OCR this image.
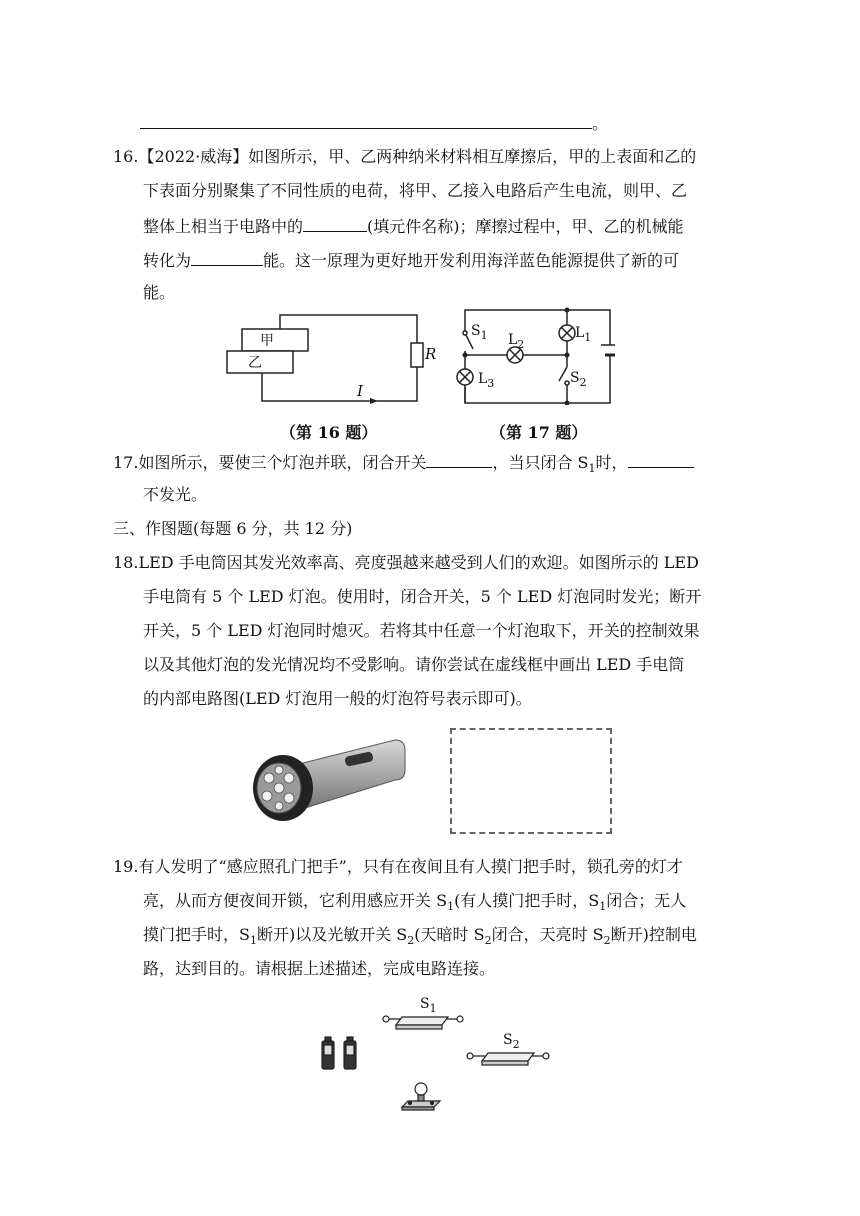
。
16.【2022·威海】如图所示，甲、乙两种纳米材料相互摩擦后，甲的上表面和乙的
下表面分别聚集了不同性质的电荷，将甲、乙接入电路后产生电流，则甲、乙
整体上相当于电路中的	(填元件名称)；摩擦过程中，甲、乙的机械能
转化为	能。这一原理为更好地开发利用海洋蓝色能源提供了新的可
能。
甲
乙	R
I
（第 16 题）
$S_1$ $L_2$
$L_1$
$L_3$	$S_2$
（第 17 题）
17.如图所示，要使三个灯泡并联，闭合开关	，当只闭合 $S_1$时，
不发光。
三、作图题(每题 6 分，共 12 分)
18.LED 手电筒因其发光效率高、亮度强越来越受到人们的欢迎。如图所示的 LED
手电筒有 5 个 LED 灯泡。使用时，闭合开关，5 个 LED 灯泡同时发光；断开
开关，5 个 LED 灯泡同时熄灭。若将其中任意一个灯泡取下，开关的控制效果
以及其他灯泡的发光情况均不受影响。请你尝试在虚线框中画出 LED 手电筒
的内部电路图(LED 灯泡用一般的灯泡符号表示即可)。
19.有人发明了“感应照孔门把手”，只有在夜间且有人摸门把手时，锁孔旁的灯才
亮，从而方便夜间开锁，它利用感应开关 $S_1$(有人摸门把手时，$S_1$闭合；无人
摸门把手时，$S_1$断开)以及光敏开关 $S_2$(天暗时 $S_2$闭合，天亮时 $S_2$断开)控制电
路，达到目的。请根据上述描述，完成电路连接。
$S_1$
$S_2$
